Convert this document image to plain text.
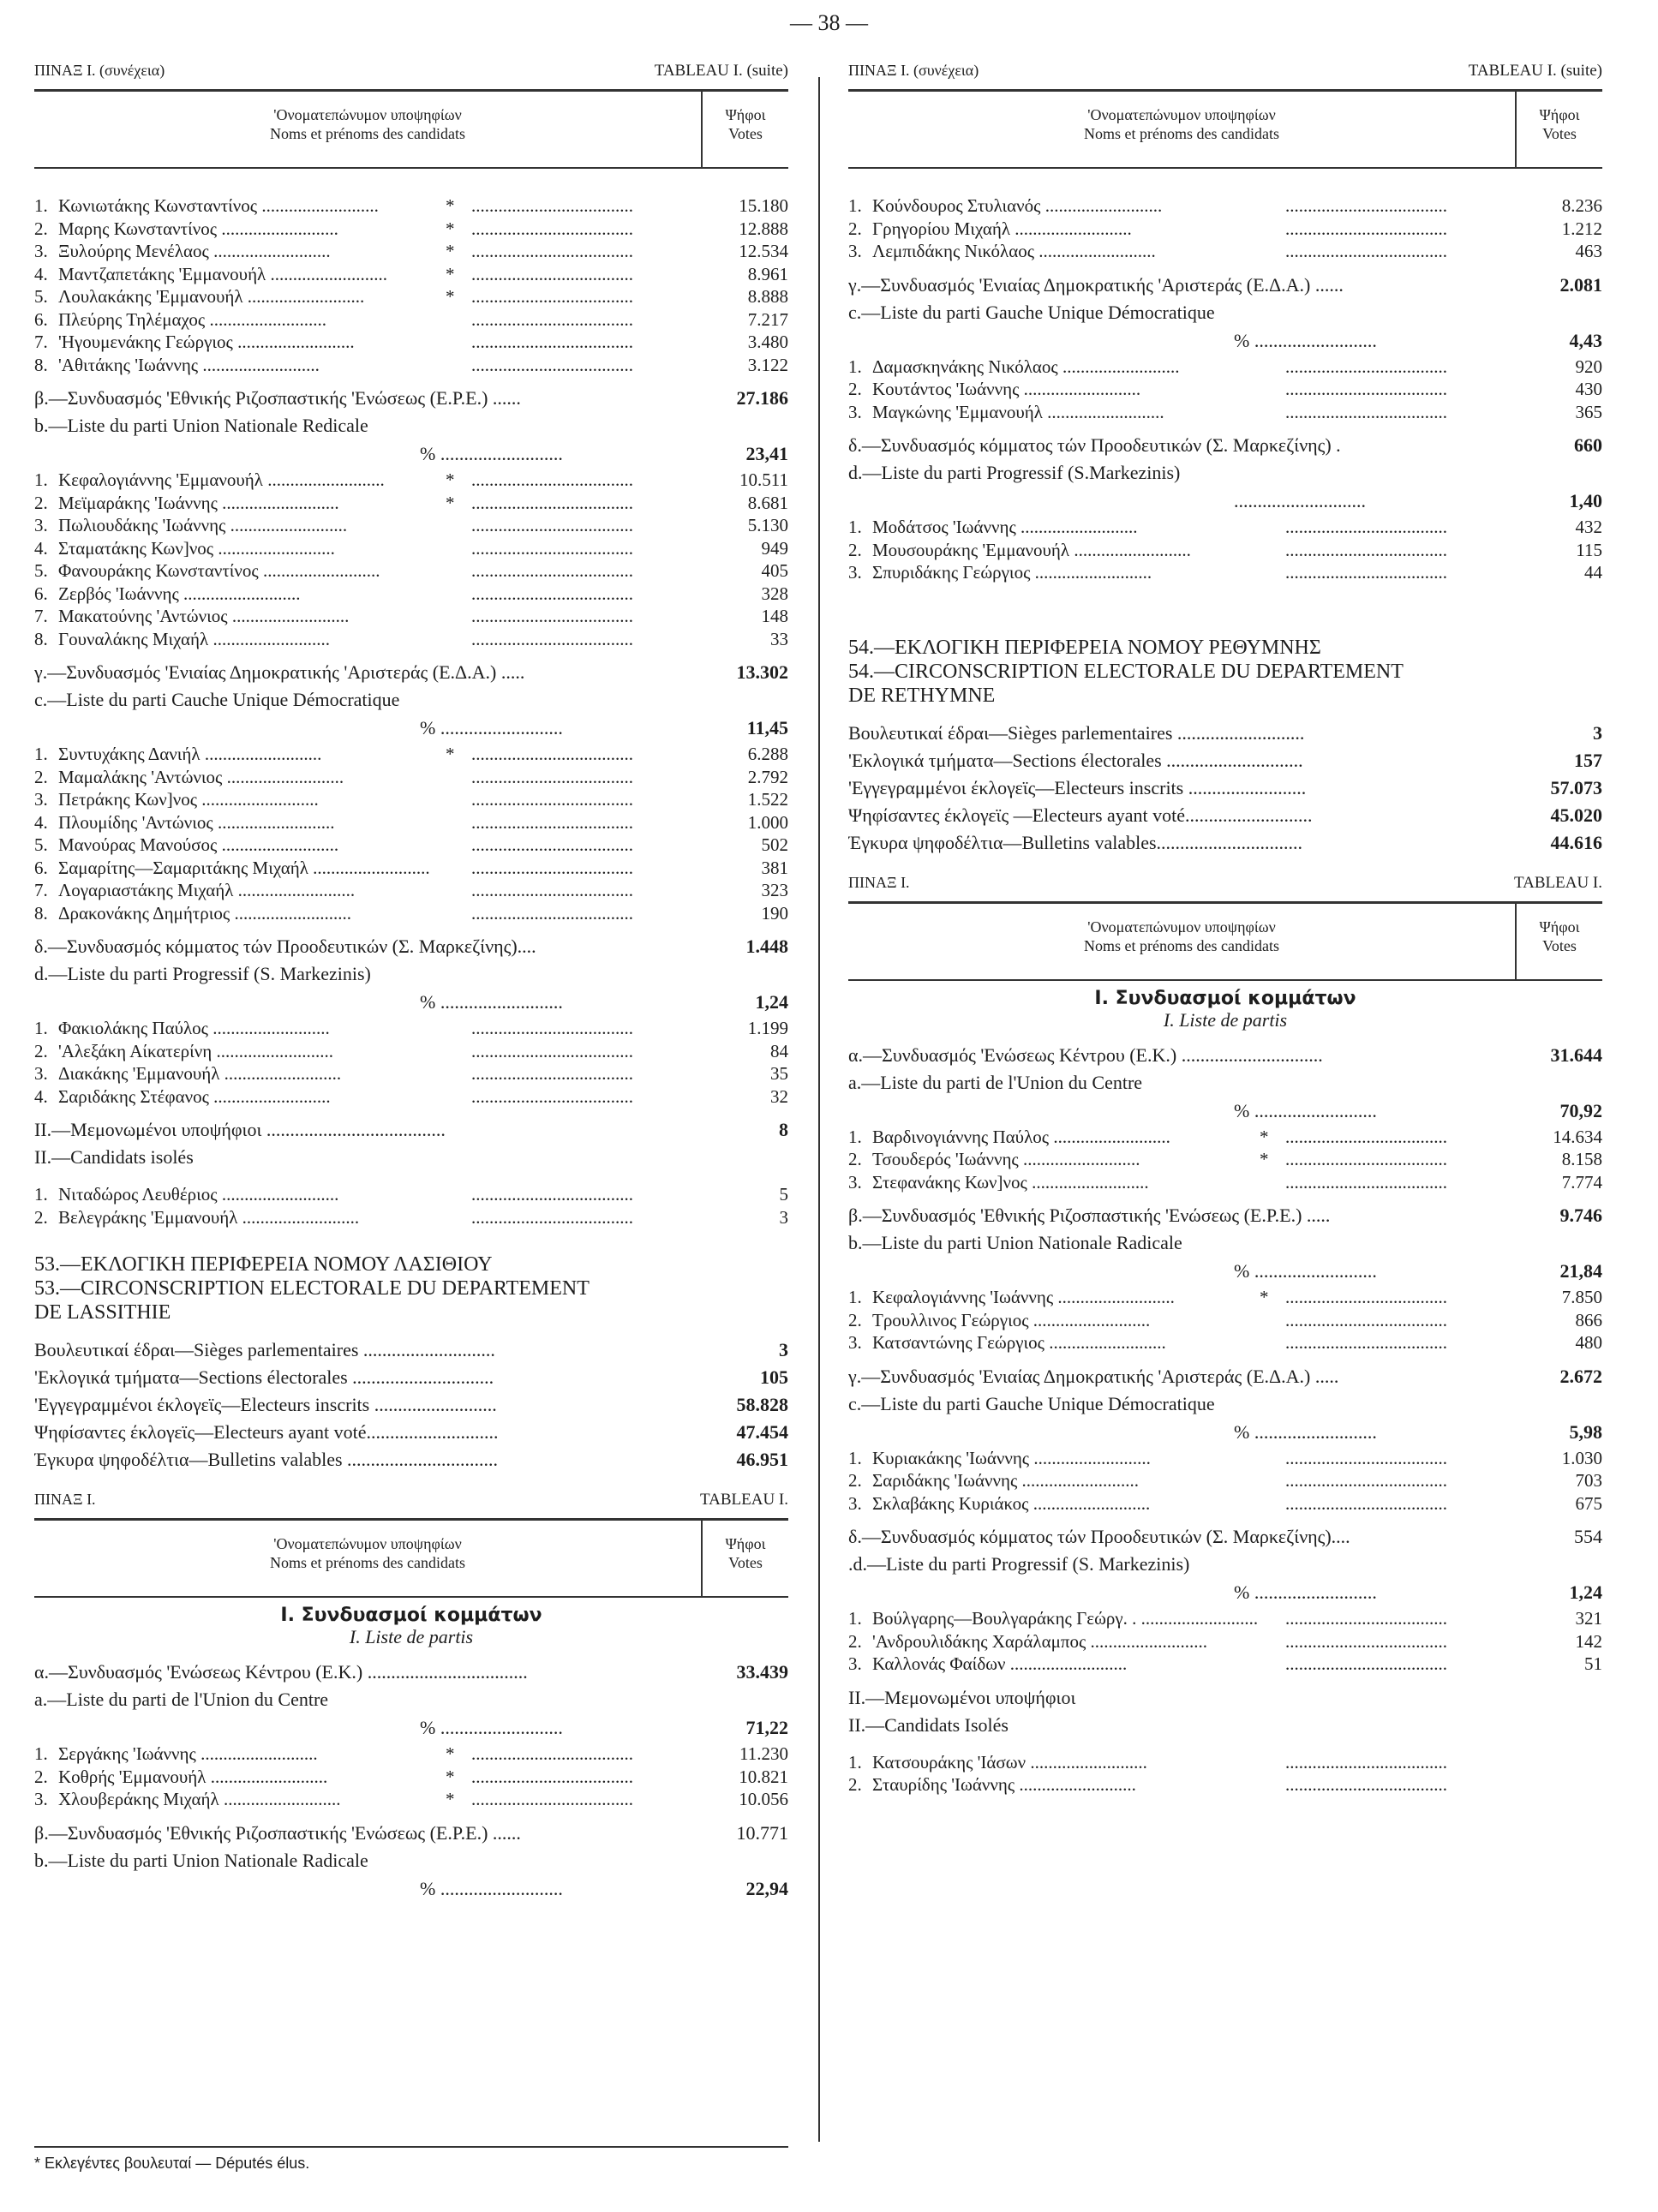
— 38 —
ΠΙΝΑΞ I. (συνέχεια)	TABLEAU I. (suite)
'Ονοματεπώνυμον υποψηφίων
Noms et prénoms des candidats
Ψήφοι
Votes
1. Κωνιωτάκης Κωνσταντίνος ..........................	* ....................................	15.180
2. Μαρης Κωνσταντίνος ..........................	* ....................................	12.888
3. Ξυλούρης Μενέλαος ..........................	* ....................................	12.534
4. Μαντζαπετάκης 'Εμμανουήλ ..........................	* ....................................	8.961
5. Λουλακάκης 'Εμμανουήλ ..........................	* ....................................	8.888
6. Πλεύρης Τηλέμαχος ..........................	....................................	7.217
7. 'Ηγουμενάκης Γεώργιος ..........................	....................................	3.480
8. 'Αθιτάκης 'Ιωάννης ..........................	....................................	3.122
β.—Συνδυασμός 'Εθνικής Ριζοσπαστικής 'Ενώσεως (Ε.Ρ.Ε.) ......	27.186
b.—Liste du parti Union Nationale Redicale
% ..........................	23,41
1. Κεφαλογιάννης 'Εμμανουήλ ..........................	* ....................................	10.511
2. Μεϊμαράκης 'Ιωάννης ..........................	* ....................................	8.681
3. Πωλιουδάκης 'Ιωάννης ..........................	....................................	5.130
4. Σταματάκης Κων]νος ..........................	....................................	949
5. Φανουράκης Κωνσταντίνος ..........................	....................................	405
6. Ζερβός 'Ιωάννης ..........................	....................................	328
7. Μακατούνης 'Αντώνιος ..........................	....................................	148
8. Γουναλάκης Μιχαήλ ..........................	....................................	33
γ.—Συνδυασμός 'Ενιαίας Δημοκρατικής 'Αριστεράς (Ε.Δ.Α.) .....	13.302
c.—Liste du parti Cauche Unique Démocratique
% ..........................	11,45
1. Συντυχάκης Δανιήλ ..........................	* ....................................	6.288
2. Μαμαλάκης 'Αντώνιος ..........................	....................................	2.792
3. Πετράκης Κων]νος ..........................	....................................	1.522
4. Πλουμίδης 'Αντώνιος ..........................	....................................	1.000
5. Μανούρας Μανούσος ..........................	....................................	502
6. Σαμαρίτης—Σαμαριτάκης Μιχαήλ ..........................	....................................	381
7. Λογαριαστάκης Μιχαήλ ..........................	....................................	323
8. Δρακονάκης Δημήτριος ..........................	....................................	190
δ.—Συνδυασμός κόμματος τών Προοδευτικών (Σ. Μαρκεζίνης)....	1.448
d.—Liste du parti Progressif (S. Markezinis)
% ..........................	1,24
1. Φακιολάκης Παύλος ..........................	....................................	1.199
2. 'Αλεξάκη Αίκατερίνη ..........................	....................................	84
3. Διακάκης 'Εμμανουήλ ..........................	....................................	35
4. Σαριδάκης Στέφανος ..........................	....................................	32
II.—Μεμονωμένοι υποψήφιοι ......................................	8
II.—Candidats isolés
1. Νιταδώρος Λευθέριος ..........................	....................................	5
2. Βελεγράκης 'Εμμανουήλ ..........................	....................................	3
53.—ΕΚΛΟΓΙΚΗ ΠΕΡΙΦΕΡΕΙΑ ΝΟΜΟΥ ΛΑΣΙΘΙΟΥ
53.—CIRCONSCRIPTION ELECTORALE DU DEPARTEMENT
DE LASSITHIE
Βουλευτικαί έδραι—Sièges parlementaires ............................	3
'Εκλογικά τμήματα—Sections électorales ..............................	105
'Εγγεγραμμένοι έκλογεϊς—Electeurs inscrits ..........................	58.828
Ψηφίσαντες έκλογεϊς—Electeurs ayant voté............................	47.454
Έγκυρα ψηφοδέλτια—Bulletins valables ................................	46.951
ΠΙΝΑΞ I.	TABLEAU I.
'Ονοματεπώνυμον υποψηφίων
Noms et prénoms des candidats
Ψήφοι
Votes
I. Συνδυασμοί κομμάτων
I. Liste de partis
α.—Συνδυασμός 'Ενώσεως Κέντρου (Ε.Κ.) ..................................	33.439
a.—Liste du parti de l'Union du Centre
% ..........................	71,22
1. Σεργάκης 'Ιωάννης ..........................	* ....................................	11.230
2. Κοθρής 'Εμμανουήλ ..........................	* ....................................	10.821
3. Χλουβεράκης Μιχαήλ ..........................	* ....................................	10.056
β.—Συνδυασμός 'Εθνικής Ριζοσπαστικής 'Ενώσεως (Ε.Ρ.Ε.) ......	10.771
b.—Liste du parti Union Nationale Radicale
% ..........................	22,94
ΠΙΝΑΞ I. (συνέχεια)	TABLEAU I. (suite)
'Ονοματεπώνυμον υποψηφίων
Noms et prénoms des candidats
Ψήφοι
Votes
1. Κούνδουρος Στυλιανός ..........................	....................................	8.236
2. Γρηγορίου Μιχαήλ ..........................	....................................	1.212
3. Λεμπιδάκης Νικόλαος ..........................	....................................	463
γ.—Συνδυασμός 'Ενιαίας Δημοκρατικής 'Αριστεράς (Ε.Δ.Α.) ......	2.081
c.—Liste du parti Gauche Unique Démocratique
% ..........................	4,43
1. Δαμασκηνάκης Νικόλαος ..........................	....................................	920
2. Κουτάντος 'Ιωάννης ..........................	....................................	430
3. Μαγκώνης 'Εμμανουήλ ..........................	....................................	365
δ.—Συνδυασμός κόμματος τών Προοδευτικών (Σ. Μαρκεζίνης) .	660
d.—Liste du parti Progressif (S.Markezinis)
............................	1,40
1. Μοδάτσος 'Ιωάννης ..........................	....................................	432
2. Μουσουράκης 'Εμμανουήλ ..........................	....................................	115
3. Σπυριδάκης Γεώργιος ..........................	....................................	44
54.—ΕΚΛΟΓΙΚΗ ΠΕΡΙΦΕΡΕΙΑ ΝΟΜΟΥ ΡΕΘΥΜΝΗΣ
54.—CIRCONSCRIPTION ELECTORALE DU DEPARTEMENT
DE RETHYMNE
Βουλευτικαί έδραι—Sièges parlementaires ...........................	3
'Εκλογικά τμήματα—Sections électorales .............................	157
'Εγγεγραμμένοι έκλογεϊς—Electeurs inscrits .........................	57.073
Ψηφίσαντες έκλογεϊς —Electeurs ayant voté...........................	45.020
Έγκυρα ψηφοδέλτια—Bulletins valables...............................	44.616
ΠΙΝΑΞ I.	TABLEAU I.
'Ονοματεπώνυμον υποψηφίων
Noms et prénoms des candidats
Ψήφοι
Votes
I. Συνδυασμοί κομμάτων
I. Liste de partis
α.—Συνδυασμός 'Ενώσεως Κέντρου (Ε.Κ.) ..............................	31.644
a.—Liste du parti de l'Union du Centre
% ..........................	70,92
1. Βαρδινογιάννης Παύλος ..........................	* ....................................	14.634
2. Τσουδερός 'Ιωάννης ..........................	* ....................................	8.158
3. Στεφανάκης Κων]νος ..........................	....................................	7.774
β.—Συνδυασμός 'Εθνικής Ριζοσπαστικής 'Ενώσεως (Ε.Ρ.Ε.) .....	9.746
b.—Liste du parti Union Nationale Radicale
% ..........................	21,84
1. Κεφαλογιάννης 'Ιωάννης ..........................	* ....................................	7.850
2. Τρουλλινος Γεώργιος ..........................	....................................	866
3. Κατσαντώνης Γεώργιος ..........................	....................................	480
γ.—Συνδυασμός 'Ενιαίας Δημοκρατικής 'Αριστεράς (Ε.Δ.Α.) .....	2.672
c.—Liste du parti Gauche Unique Démocratique
% ..........................	5,98
1. Κυριακάκης 'Ιωάννης ..........................	....................................	1.030
2. Σαριδάκης 'Ιωάννης ..........................	....................................	703
3. Σκλαβάκης Κυριάκος ..........................	....................................	675
δ.—Συνδυασμός κόμματος τών Προοδευτικών (Σ. Μαρκεζίνης)....	554
.d.—Liste du parti Progressif (S. Markezinis)
% ..........................	1,24
1. Βούλγαρης—Βουλγαράκης Γεώργ. . .......................... ....................................	321
2. 'Ανδρουλιδάκης Χαράλαμπος ..........................	....................................	142
3. Καλλονάς Φαίδων ..........................	....................................	51
II.—Μεμονωμένοι υποψήφιοι
II.—Candidats Isolés
1. Κατσουράκης 'Ιάσων ..........................	....................................
2. Σταυρίδης 'Ιωάννης ..........................	....................................
* Εκλεγέντες βουλευταί — Députés élus.
